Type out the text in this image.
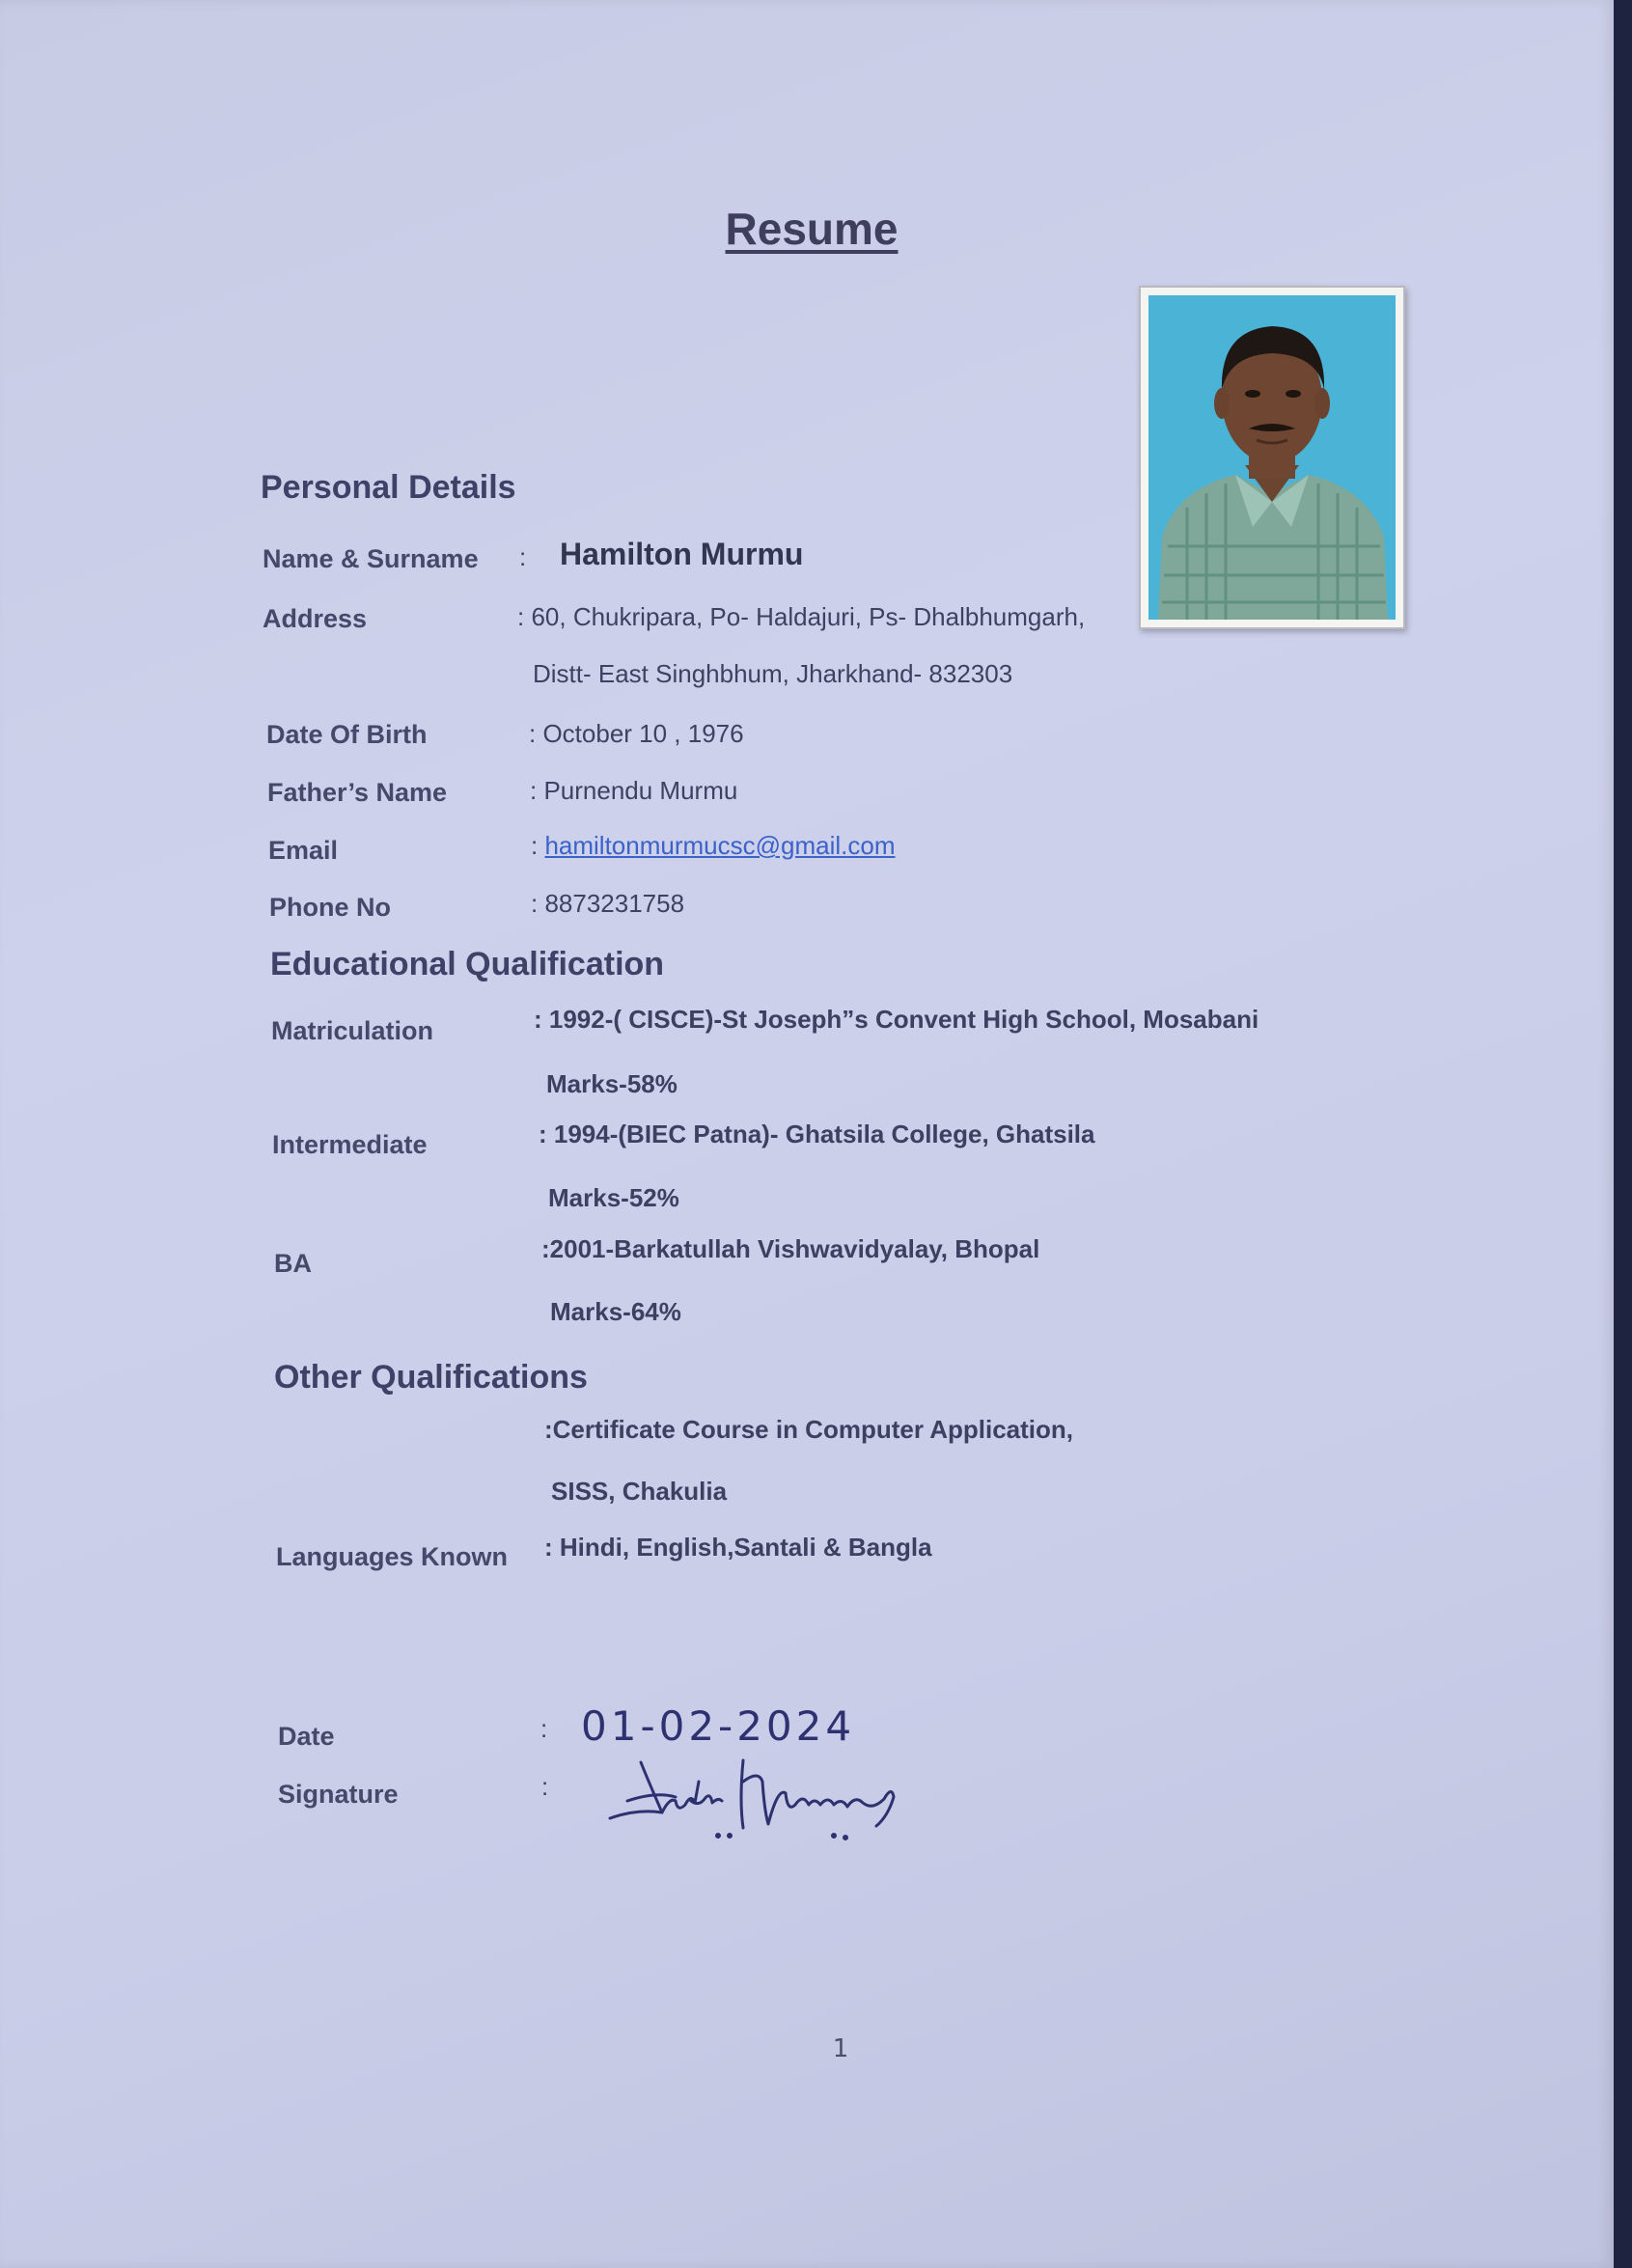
Resume
Personal Details
Name & Surname : Hamilton Murmu
Address	: 60, Chukripara, Po- Haldajuri, Ps- Dhalbhumgarh,
Distt- East Singhbhum, Jharkhand- 832303
Date Of Birth	: October 10 , 1976
Father’s Name	: Purnendu Murmu
Email	: hamiltonmurmucsc@gmail.com
Phone No	: 8873231758
Educational Qualification
Matriculation	: 1992-( CISCE)-St Joseph”s Convent High School, Mosabani
Marks-58%
Intermediate	: 1994-(BIEC Patna)- Ghatsila College, Ghatsila
Marks-52%
BA	:2001-Barkatullah Vishwavidyalay, Bhopal
Marks-64%
Other Qualifications
:Certificate Course in Computer Application,
SISS, Chakulia
Languages Known : Hindi, English,Santali & Bangla
Date	: 01-02-2024
Signature	:
1
